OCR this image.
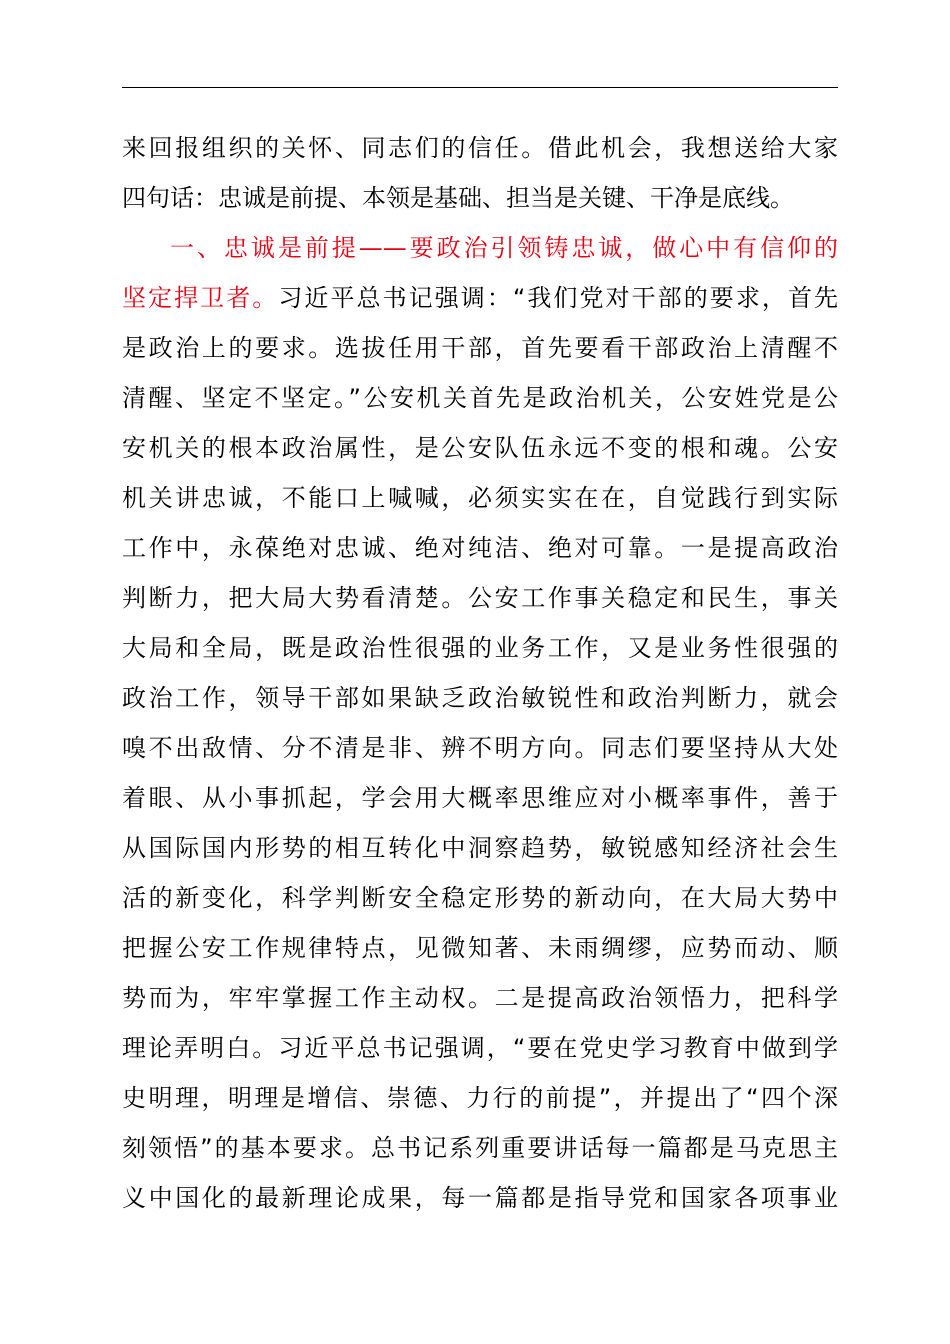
来回报组织的关怀、同志们的信任。借此机会，我想送给大家
四句话：忠诚是前提、本领是基础、担当是关键、干净是底线。
一、忠诚是前提——要政治引领铸忠诚，做心中有信仰的
坚定捍卫者。习近平总书记强调：“我们党对干部的要求，首先
是政治上的要求。选拔任用干部，首先要看干部政治上清醒不
清醒、坚定不坚定。”公安机关首先是政治机关，公安姓党是公
安机关的根本政治属性，是公安队伍永远不变的根和魂。公安
机关讲忠诚，不能口上喊喊，必须实实在在，自觉践行到实际
工作中，永葆绝对忠诚、绝对纯洁、绝对可靠。一是提高政治
判断力，把大局大势看清楚。公安工作事关稳定和民生，事关
大局和全局，既是政治性很强的业务工作，又是业务性很强的
政治工作，领导干部如果缺乏政治敏锐性和政治判断力，就会
嗅不出敌情、分不清是非、辨不明方向。同志们要坚持从大处
着眼、从小事抓起，学会用大概率思维应对小概率事件，善于
从国际国内形势的相互转化中洞察趋势，敏锐感知经济社会生
活的新变化，科学判断安全稳定形势的新动向，在大局大势中
把握公安工作规律特点，见微知著、未雨绸缪，应势而动、顺
势而为，牢牢掌握工作主动权。二是提高政治领悟力，把科学
理论弄明白。习近平总书记强调，“要在党史学习教育中做到学
史明理，明理是增信、崇德、力行的前提”，并提出了“四个深
刻领悟”的基本要求。总书记系列重要讲话每一篇都是马克思主
义中国化的最新理论成果，每一篇都是指导党和国家各项事业
